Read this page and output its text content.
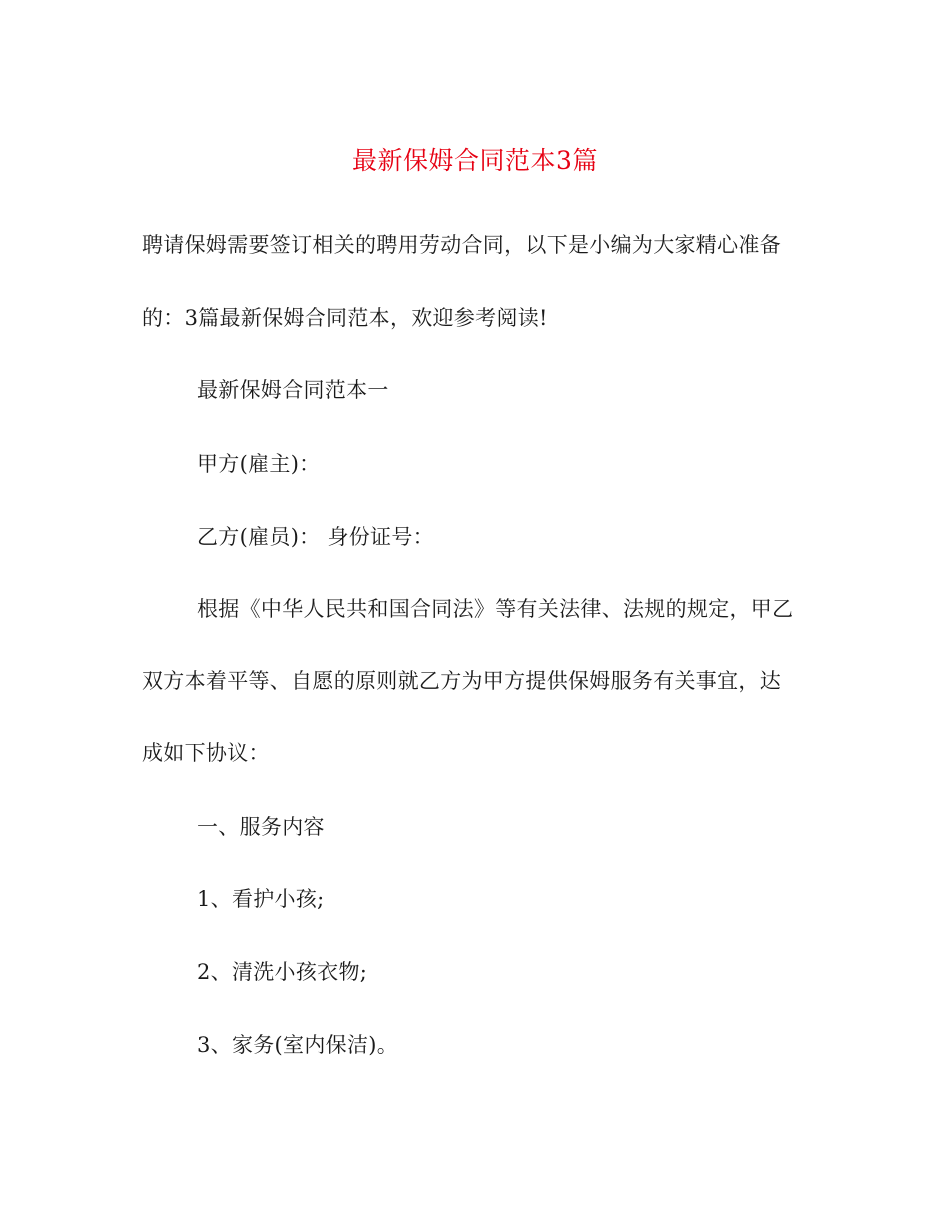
最新保姆合同范本3篇
聘请保姆需要签订相关的聘用劳动合同，以下是小编为大家精心准备
的：3篇最新保姆合同范本，欢迎参考阅读!
最新保姆合同范本一
甲方(雇主)：
乙方(雇员)： 身份证号：
根据《中华人民共和国合同法》等有关法律、法规的规定，甲乙
双方本着平等、自愿的原则就乙方为甲方提供保姆服务有关事宜，达
成如下协议：
一、服务内容
1、看护小孩;
2、清洗小孩衣物;
3、家务(室内保洁)。
